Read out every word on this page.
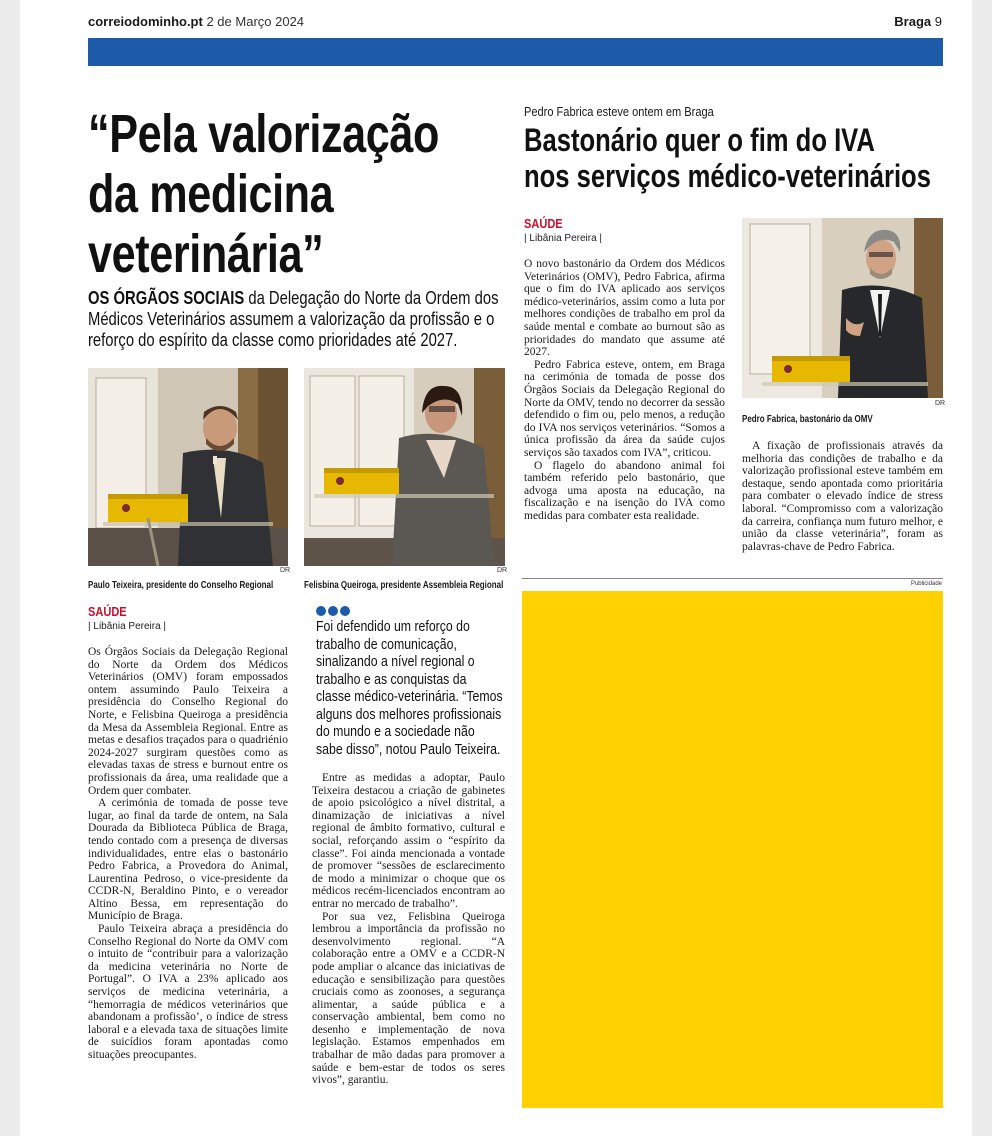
correiodominho.pt 2 de Março 2024	Braga 9
“Pela valorização
da medicina
veterinária”
OS ÓRGÃOS SOCIAIS da Delegação do Norte da Ordem dos Médicos Veterinários assumem a valorização da profissão e o reforço do espírito da classe como prioridades até 2027.
DR
Paulo Teixeira, presidente do Conselho Regional
DR
Felisbina Queiroga, presidente Assembleia Regional
SAÚDE
| Libânia Pereira |

Os Órgãos Sociais da Delegação Regional do Norte da Ordem dos Médicos Veterinários (OMV) foram empossados ontem assumindo Paulo Teixeira a presidência do Conselho Regional do Norte, e Felisbina Queiroga a presidência da Mesa da Assembleia Regional. Entre as metas e desafios traçados para o quadriénio 2024-2027 surgiram questões como as elevadas taxas de stress e burnout entre os profissionais da área, uma realidade que a Ordem quer combater.

A cerimónia de tomada de posse teve lugar, ao final da tarde de ontem, na Sala Dourada da Biblioteca Pública de Braga, tendo contado com a presença de diversas individualidades, entre elas o bastonário Pedro Fabrica, a Provedora do Animal, Laurentina Pedroso, o vice-presidente da CCDR-N, Beraldino Pinto, e o vereador Altino Bessa, em representação do Município de Braga.

Paulo Teixeira abraça a presidência do Conselho Regional do Norte da OMV com o intuito de “contribuir para a valorização da medicina veterinária no Norte de Portugal”. O IVA a 23% aplicado aos serviços de medicina veterinária, a “hemorragia de médicos veterinários que abandonam a profissão’, o índice de stress laboral e a elevada taxa de situações limite de suicídios foram apontadas como situações preocupantes.

Foi defendido um reforço do trabalho de comunicação, sinalizando a nível regional o trabalho e as conquistas da classe médico-veterinária. “Temos alguns dos melhores profissionais do mundo e a sociedade não sabe disso”, notou Paulo Teixeira.

Entre as medidas a adoptar, Paulo Teixeira destacou a criação de gabinetes de apoio psicológico a nível distrital, a dinamização de iniciativas a nível regional de âmbito formativo, cultural e social, reforçando assim o “espírito da classe”. Foi ainda mencionada a vontade de promover “sessões de esclarecimento de modo a minimizar o choque que os médicos recém-licenciados encontram ao entrar no mercado de trabalho”.

Por sua vez, Felisbina Queiroga lembrou a importância da profissão no desenvolvimento regional. “A colaboração entre a OMV e a CCDR-N pode ampliar o alcance das iniciativas de educação e sensibilização para questões cruciais como as zoonoses, a segurança alimentar, a saúde pública e a conservação ambiental, bem como no desenho e implementação de nova legislação. Estamos empenhados em trabalhar de mão dadas para promover a saúde e bem-estar de todos os seres vivos”, garantiu.

Pedro Fabrica esteve ontem em Braga
Bastonário quer o fim do IVA
nos serviços médico-veterinários
SAÚDE
| Libânia Pereira |

O novo bastonário da Ordem dos Médicos Veterinários (OMV), Pedro Fabrica, afirma que o fim do IVA aplicado aos serviços médico-veterinários, assim como a luta por melhores condições de trabalho em prol da saúde mental e combate ao burnout são as prioridades do mandato que assume até 2027.

Pedro Fabrica esteve, ontem, em Braga na cerimónia de tomada de posse dos Órgãos Sociais da Delegação Regional do Norte da OMV, tendo no decorrer da sessão defendido o fim ou, pelo menos, a redução do IVA nos serviços veterinários. “Somos a única profissão da área da saúde cujos serviços são taxados com IVA”, criticou.

O flagelo do abandono animal foi também referido pelo bastonário, que advoga uma aposta na educação, na fiscalização e na isenção do IVA como medidas para combater esta realidade.

DR
Pedro Fabrica, bastonário da OMV

A fixação de profissionais através da melhoria das condições de trabalho e da valorização profissional esteve também em destaque, sendo apontada como prioritária para combater o elevado índice de stress laboral. “Compromisso com a valorização da carreira, confiança num futuro melhor, e união da classe veterinária”, foram as palavras-chave de Pedro Fabrica.

Publicidade
